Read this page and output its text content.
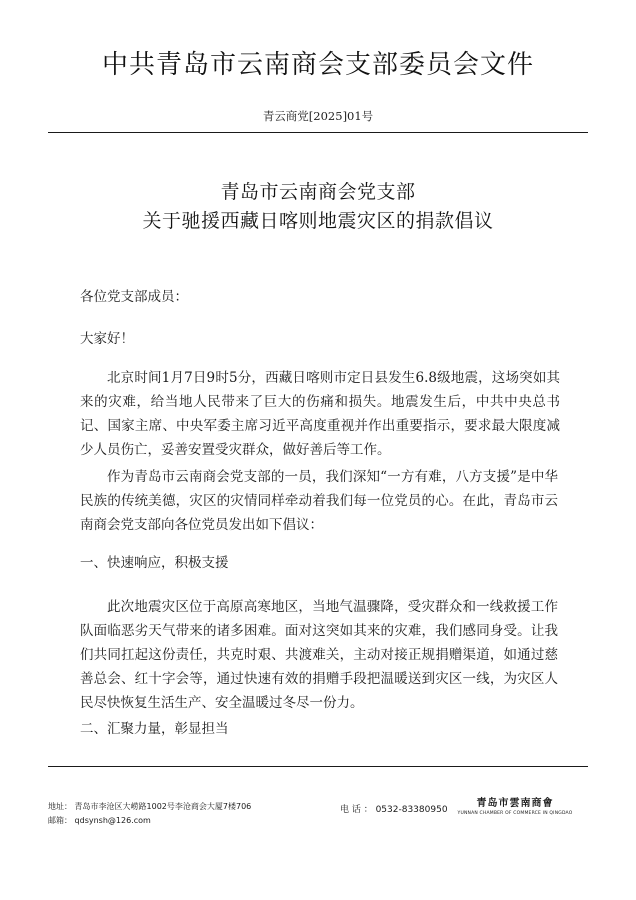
中共青岛市云南商会支部委员会文件
青云商党[2025]01号
青岛市云南商会党支部
关于驰援西藏日喀则地震灾区的捐款倡议
各位党支部成员：
大家好！
北京时间1月7日9时5分，西藏日喀则市定日县发生6.8级地震，这场突如其来的灾难，给当地人民带来了巨大的伤痛和损失。地震发生后，中共中央总书记、国家主席、中央军委主席习近平高度重视并作出重要指示，要求最大限度减少人员伤亡，妥善安置受灾群众，做好善后等工作。
作为青岛市云南商会党支部的一员，我们深知“一方有难，八方支援”是中华民族的传统美德，灾区的灾情同样牵动着我们每一位党员的心。在此，青岛市云南商会党支部向各位党员发出如下倡议：
一、快速响应，积极支援
此次地震灾区位于高原高寒地区，当地气温骤降，受灾群众和一线救援工作队面临恶劣天气带来的诸多困难。面对这突如其来的灾难，我们感同身受。让我们共同扛起这份责任，共克时艰、共渡难关，主动对接正规捐赠渠道，如通过慈善总会、红十字会等，通过快速有效的捐赠手段把温暖送到灾区一线，为灾区人民尽快恢复生活生产、安全温暖过冬尽一份力。
二、汇聚力量，彰显担当
地址： 青岛市李沧区大崂路1002号李沧商会大厦7楼706
邮箱： qdsynsh@126.com
电 话 ： 0532-83380950
青岛市雲南商會
YUNNAN CHAMBER OF COMMERCE IN QINGDAO
